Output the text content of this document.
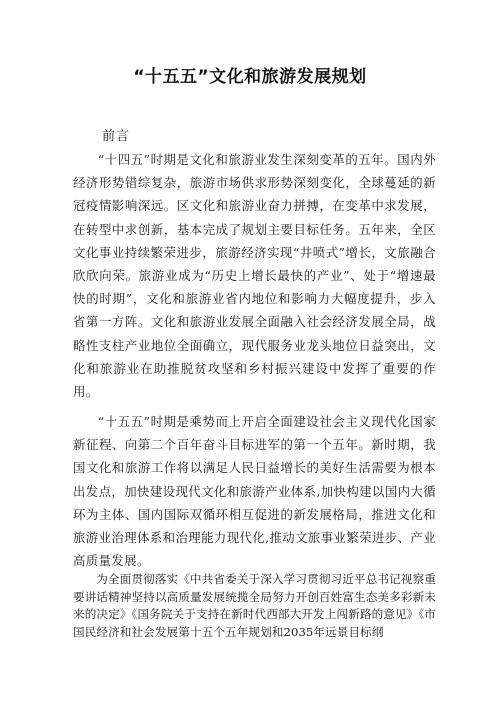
“十五五”文化和旅游发展规划
前言

“十四五”时期是文化和旅游业发生深刻变革的五年。国内外经济形势错综复杂，旅游市场供求形势深刻变化，全球蔓延的新冠疫情影响深远。区文化和旅游业奋力拼搏，在变革中求发展，在转型中求创新，基本完成了规划主要目标任务。五年来，全区文化事业持续繁荣进步，旅游经济实现“井喷式”增长，文旅融合欣欣向荣。旅游业成为“历史上增长最快的产业”、处于“增速最快的时期”，文化和旅游业省内地位和影响力大幅度提升，步入省第一方阵。文化和旅游业发展全面融入社会经济发展全局，战略性支柱产业地位全面确立，现代服务业龙头地位日益突出，文化和旅游业在助推脱贫攻坚和乡村振兴建设中发挥了重要的作用。

“十五五”时期是乘势而上开启全面建设社会主义现代化国家新征程、向第二个百年奋斗目标进军的第一个五年。新时期，我国文化和旅游工作将以满足人民日益增长的美好生活需要为根本出发点，加快建设现代文化和旅游产业体系,加快构建以国内大循环为主体、国内国际双循环相互促进的新发展格局，推进文化和旅游业治理体系和治理能力现代化,推动文旅事业繁荣进步、产业高质量发展。

为全面贯彻落实《中共省委关于深入学习贯彻习近平总书记视察重要讲话精神坚持以高质量发展统揽全局努力开创百姓富生态美多彩新未来的决定》《国务院关于支持在新时代西部大开发上闯新路的意见》《市国民经济和社会发展第十五个五年规划和2035年远景目标纲
